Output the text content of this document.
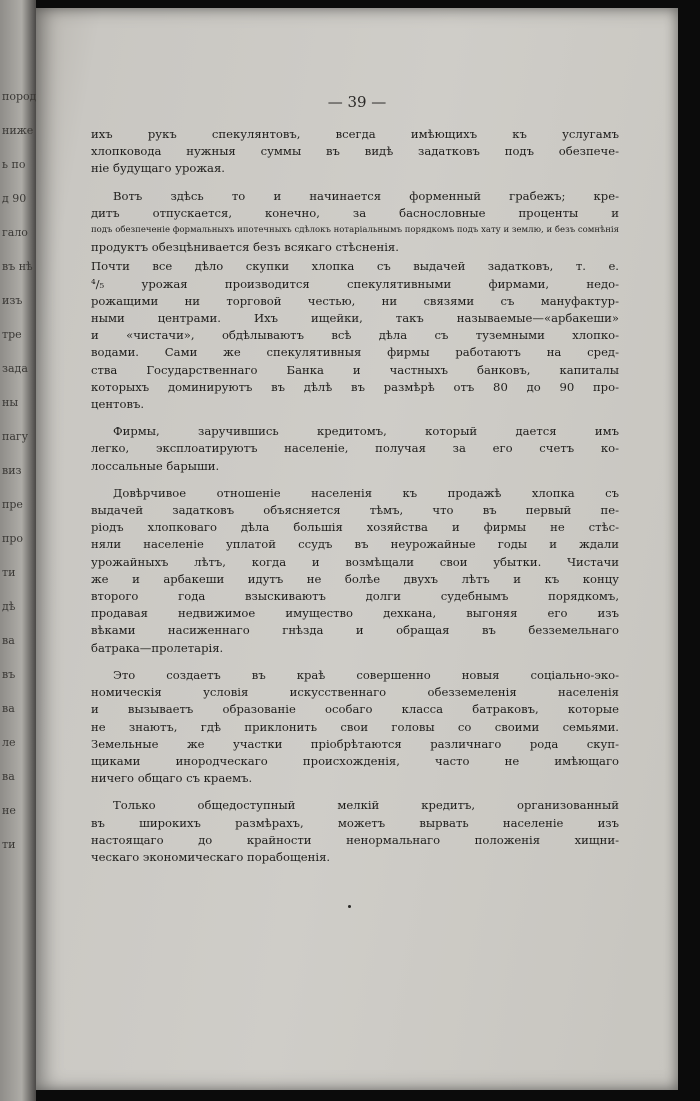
пород
ниже
ь по
д 90
гало
въ нѣ
изъ
тре
зада
ны
пагу
виз
пре
про
ти
дѣ
ва
въ
ва
ле
ва
не
ти
— 39 —
ихъ рукъ спекулянтовъ, всегда имѣющихъ къ услугамъ
хлопковода нужныя суммы въ видѣ задатковъ подъ обезпече-
ніе будущаго урожая.
Вотъ здѣсь то и начинается форменный грабежъ; кре-
дитъ отпускается, конечно, за баснословные проценты и
подъ обезпеченіе формальныхъ ипотечныхъ сдѣлокъ нотаріальнымъ порядкомъ подъ хату и землю, и безъ сомнѣнія
продуктъ обезцѣнивается безъ всякаго стѣсненія.
Почти все дѣло скупки хлопка съ выдачей задатковъ, т. е.
⁴/₅ урожая производится спекулятивными фирмами, недо-
рожащими ни торговой честью, ни связями съ мануфактур-
ными центрами. Ихъ ищейки, такъ называемые—«арбакеши»
и «чистачи», обдѣлываютъ всѣ дѣла съ туземными хлопко-
водами. Сами же спекулятивныя фирмы работаютъ на сред-
ства Государственнаго Банка и частныхъ банковъ, капиталы
которыхъ доминируютъ въ дѣлѣ въ размѣрѣ отъ 80 до 90 про-
центовъ.
Фирмы, заручившись кредитомъ, который дается имъ
легко, эксплоатируютъ населеніе, получая за его счетъ ко-
лоссальные барыши.
Довѣрчивое отношеніе населенія къ продажѣ хлопка съ
выдачей задатковъ объясняется тѣмъ, что въ первый пе-
ріодъ хлопковаго дѣла большія хозяйства и фирмы не стѣс-
няли населеніе уплатой ссудъ въ неурожайные годы и ждали
урожайныхъ лѣтъ, когда и возмѣщали свои убытки. Чистачи
же и арбакеши идутъ не болѣе двухъ лѣтъ и къ концу
второго года взыскиваютъ долги судебнымъ порядкомъ,
продавая недвижимое имущество дехкана, выгоняя его изъ
вѣками насиженнаго гнѣзда и обращая въ безземельнаго
батрака—пролетарія.
Это создаетъ въ краѣ совершенно новыя соціально-эко-
номическія условія искусственнаго обезземеленія населенія
и вызываетъ образованіе особаго класса батраковъ, которые
не знаютъ, гдѣ приклонить свои головы со своими семьями.
Земельные же участки пріобрѣтаются различнаго рода скуп-
щиками инородческаго происхожденія, часто не имѣющаго
ничего общаго съ краемъ.
Только общедоступный мелкій кредитъ, организованный
въ широкихъ размѣрахъ, можетъ вырвать населеніе изъ
настоящаго до крайности ненормальнаго положенія хищни-
ческаго экономическаго порабощенія.
